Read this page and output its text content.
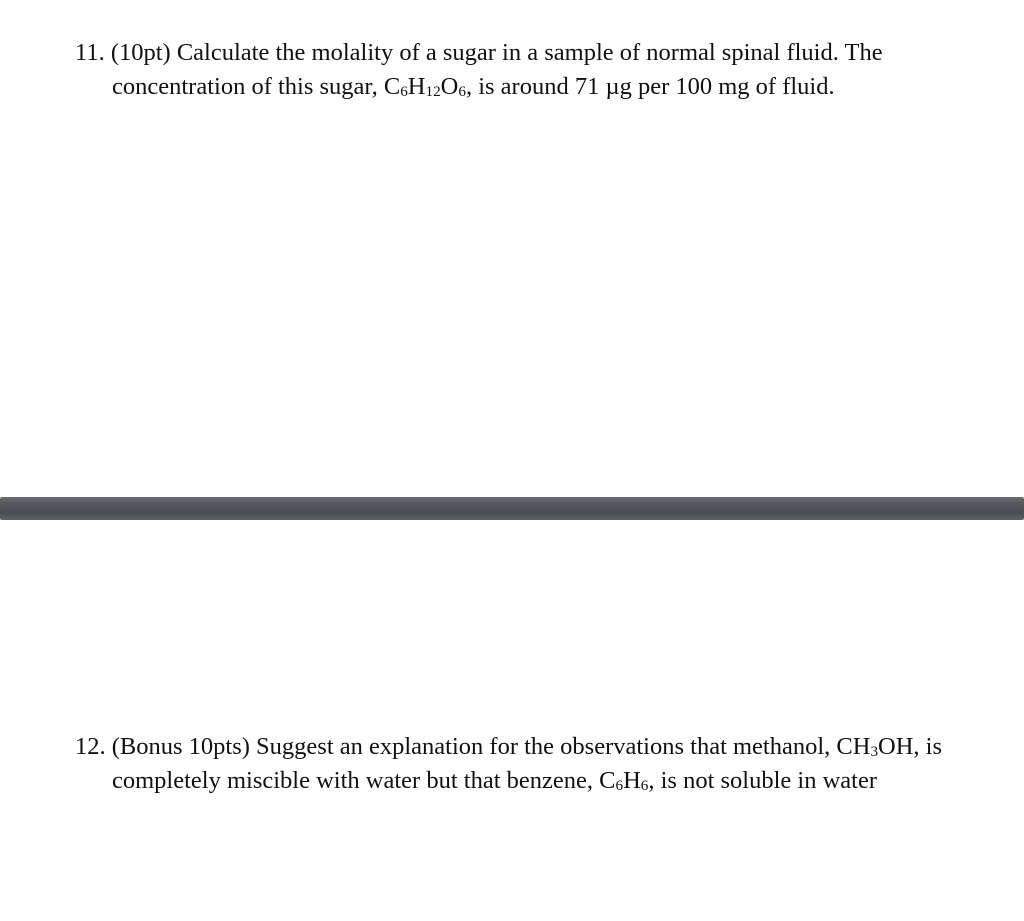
11. (10pt) Calculate the molality of a sugar in a sample of normal spinal fluid. The
concentration of this sugar, C6H12O6, is around 71 µg per 100 mg of fluid.
12. (Bonus 10pts) Suggest an explanation for the observations that methanol, CH3OH, is
completely miscible with water but that benzene, C6H6, is not soluble in water
